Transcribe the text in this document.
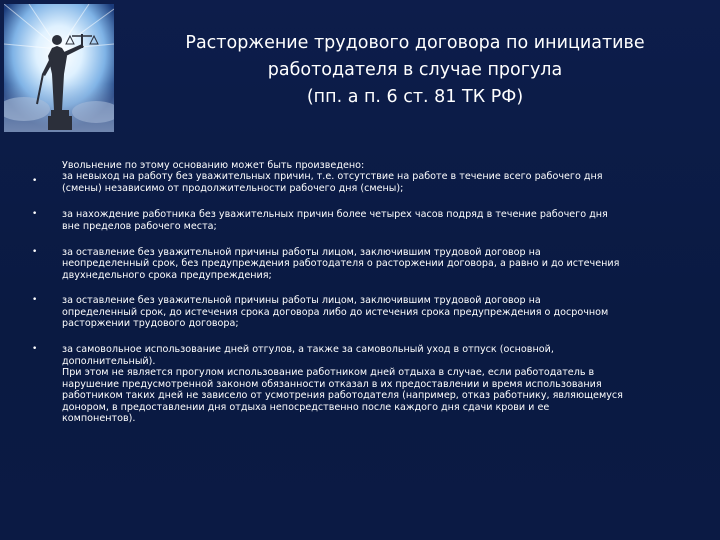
Расторжение трудового договора по инициативе
работодателя в случае прогула
(пп. а п. 6 ст. 81 ТК РФ)
•
Увольнение по этому основанию может быть произведено:
за невыход на работу без уважительных причин, т.е. отсутствие на работе в течение всего рабочего дня
(смены) независимо от продолжительности рабочего дня (смены);
•	за нахождение работника без уважительных причин более четырех часов подряд в течение рабочего дня
вне пределов рабочего места;
•	за оставление без уважительной причины работы лицом, заключившим трудовой договор на
неопределенный срок, без предупреждения работодателя о расторжении договора, а равно и до истечения
двухнедельного срока предупреждения;
•	за оставление без уважительной причины работы лицом, заключившим трудовой договор на
определенный срок, до истечения срока договора либо до истечения срока предупреждения о досрочном
расторжении трудового договора;
•	за самовольное использование дней отгулов, а также за самовольный уход в отпуск (основной,
дополнительный).
При этом не является прогулом использование работником дней отдыха в случае, если работодатель в
нарушение предусмотренной законом обязанности отказал в их предоставлении и время использования
работником таких дней не зависело от усмотрения работодателя (например, отказ работнику, являющемуся
донором, в предоставлении дня отдыха непосредственно после каждого дня сдачи крови и ее
компонентов).
